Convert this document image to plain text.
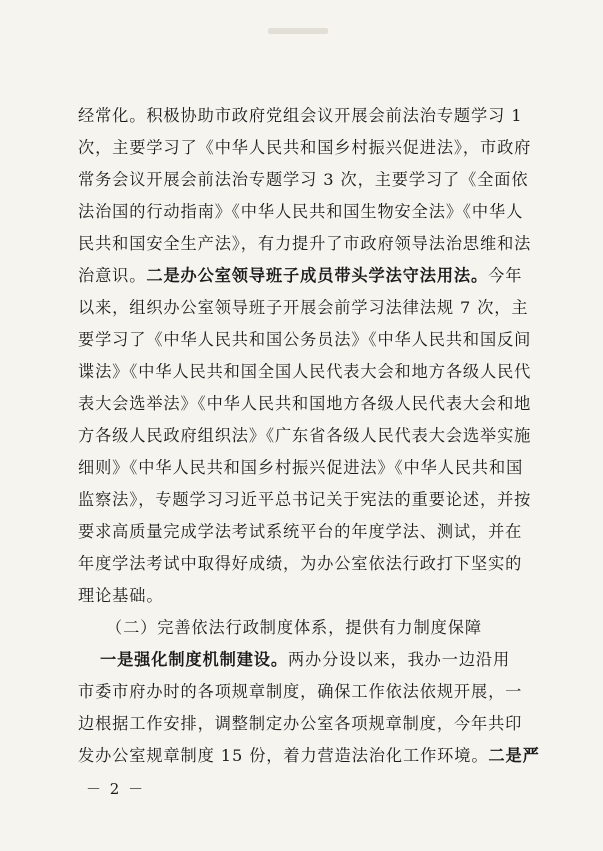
经常化。积极协助市政府党组会议开展会前法治专题学习 1
次，主要学习了《中华人民共和国乡村振兴促进法》，市政府
常务会议开展会前法治专题学习 3 次，主要学习了《全面依
法治国的行动指南》《中华人民共和国生物安全法》《中华人
民共和国安全生产法》，有力提升了市政府领导法治思维和法
治意识。二是办公室领导班子成员带头学法守法用法。今年
以来，组织办公室领导班子开展会前学习法律法规 7 次，主
要学习了《中华人民共和国公务员法》《中华人民共和国反间
谍法》《中华人民共和国全国人民代表大会和地方各级人民代
表大会选举法》《中华人民共和国地方各级人民代表大会和地
方各级人民政府组织法》《广东省各级人民代表大会选举实施
细则》《中华人民共和国乡村振兴促进法》《中华人民共和国
监察法》，专题学习习近平总书记关于宪法的重要论述，并按
要求高质量完成学法考试系统平台的年度学法、测试，并在
年度学法考试中取得好成绩，为办公室依法行政打下坚实的
理论基础。
（二）完善依法行政制度体系，提供有力制度保障
一是强化制度机制建设。两办分设以来，我办一边沿用
市委市府办时的各项规章制度，确保工作依法依规开展，一
边根据工作安排，调整制定办公室各项规章制度，今年共印
发办公室规章制度 15 份，着力营造法治化工作环境。二是严
－ 2 －
